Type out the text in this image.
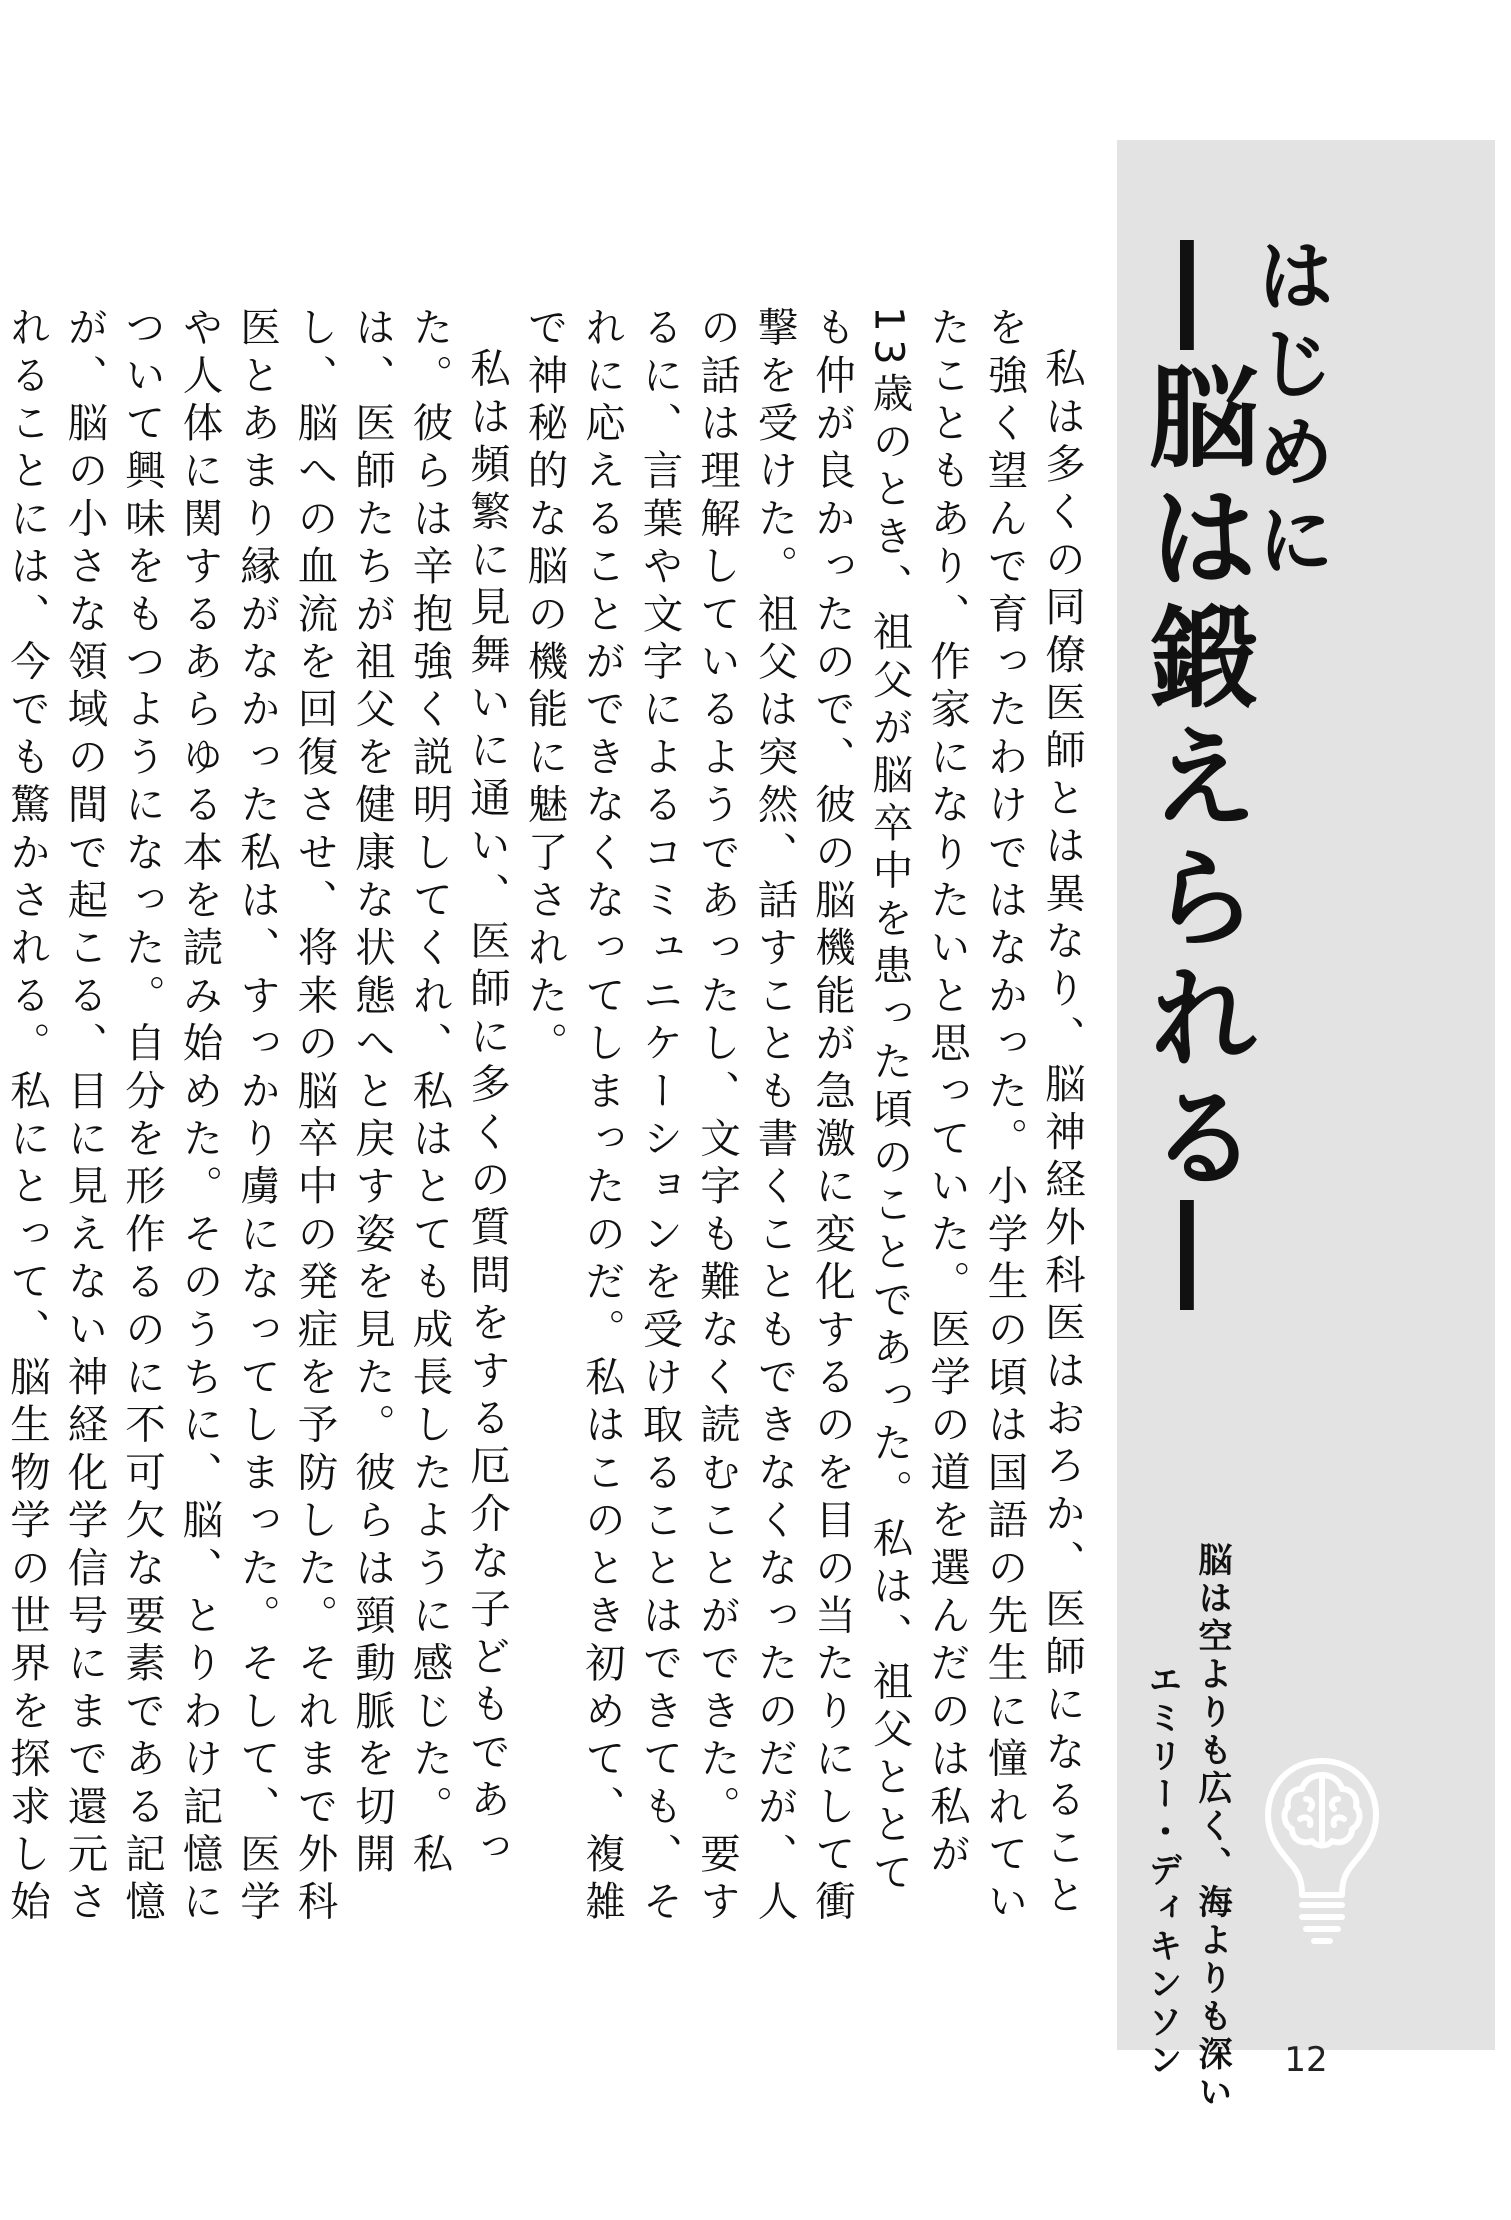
はじめに
―脳は鍛えられる―
脳は空よりも広く、海よりも深い
エミリー・ディキンソン

私は多くの同僚医師とは異なり、脳神経外科医はおろか、医師になることを強く望んで育ったわけではなかった。小学生の頃は国語の先生に憧れていたこともあり、作家になりたいと思っていた。医学の道を選んだのは私が13歳のとき、祖父が脳卒中を患った頃のことであった。私は、祖父ととても仲が良かったので、彼の脳機能が急激に変化するのを目の当たりにして衝撃を受けた。祖父は突然、話すことも書くこともできなくなったのだが、人の話は理解しているようであったし、文字も難なく読むことができた。要するに、言葉や文字によるコミュニケーションを受け取ることはできても、それに応えることができなくなってしまったのだ。私はこのとき初めて、複雑で神秘的な脳の機能に魅了された。

私は頻繁に見舞いに通い、医師に多くの質問をする厄介な子どもであった。彼らは辛抱強く説明してくれ、私はとても成長したように感じた。私は、医師たちが祖父を健康な状態へと戻す姿を見た。彼らは頸動脈を切開し、脳への血流を回復させ、将来の脳卒中の発症を予防した。それまで外科医とあまり縁がなかった私は、すっかり虜になってしまった。そして、医学や人体に関するあらゆる本を読み始めた。そのうちに、脳、とりわけ記憶について興味をもつようになった。自分を形作るのに不可欠な要素である記憶が、脳の小さな領域の間で起こる、目に見えない神経化学信号にまで還元されることには、今でも驚かされる。私にとって、脳生物学の世界を探求し始

12
